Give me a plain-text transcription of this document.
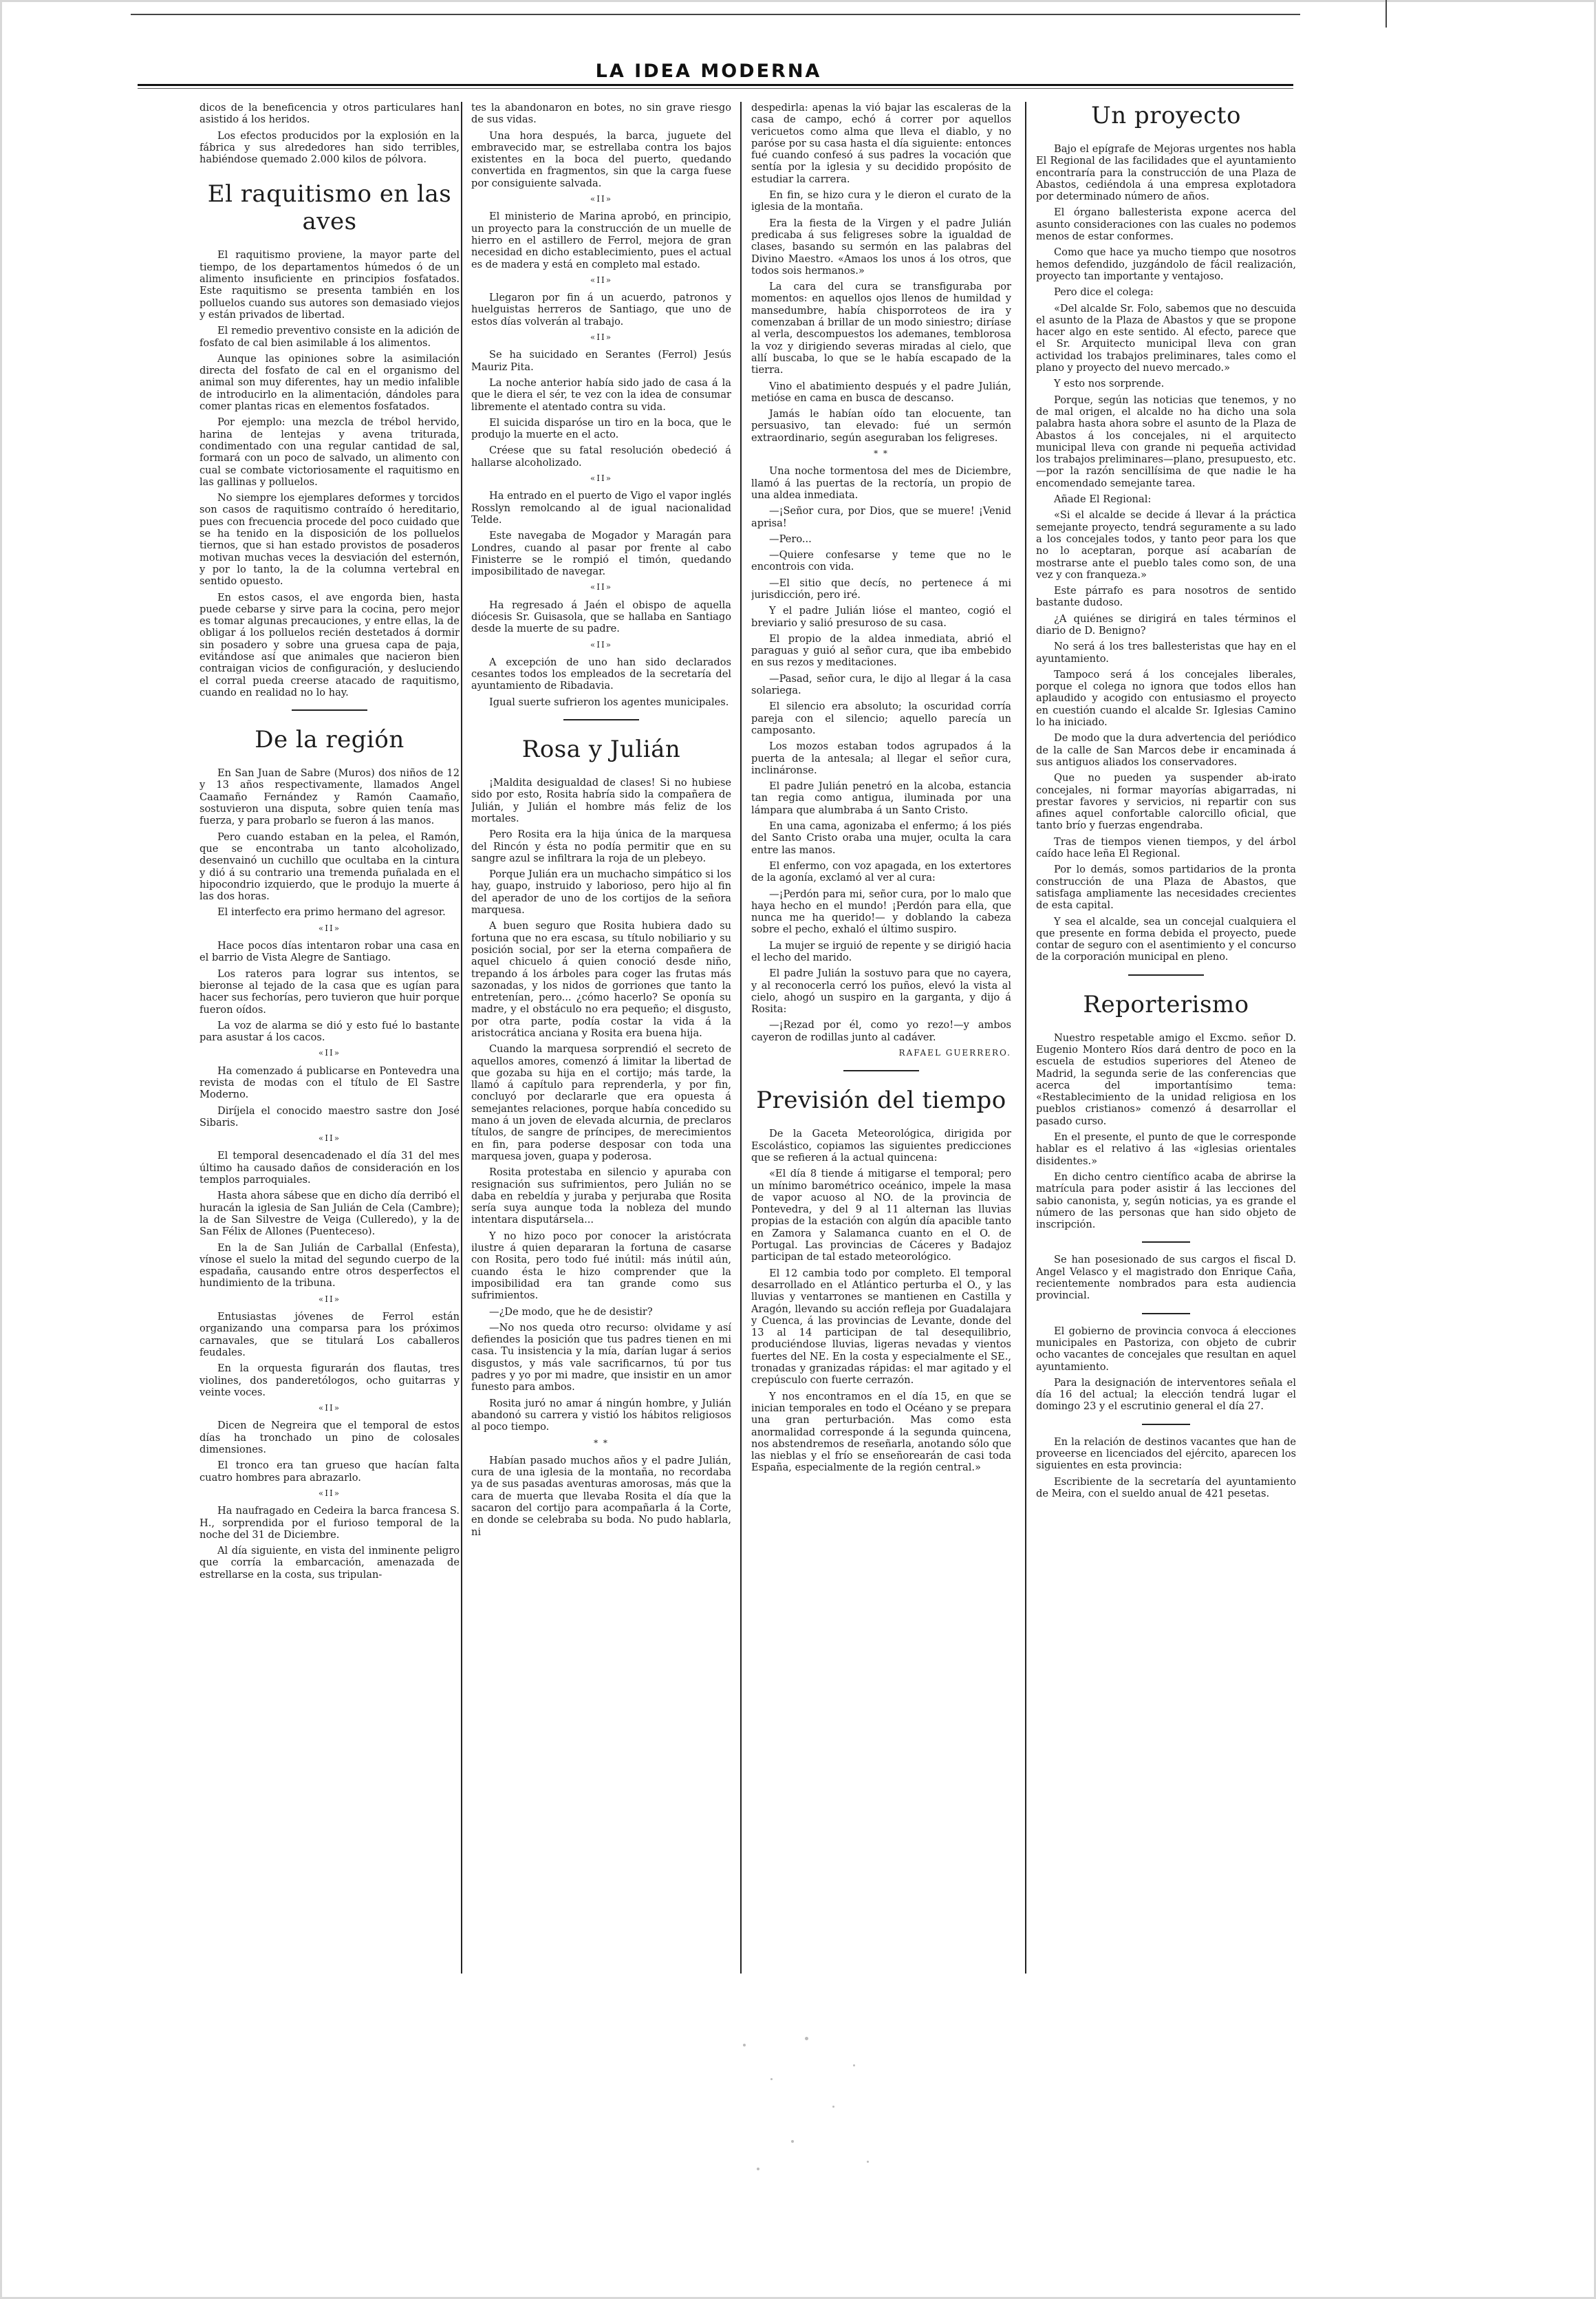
LA IDEA MODERNA

dicos de la beneficencia y otros particulares han asistido á los heridos.

Los efectos producidos por la explosión en la fábrica y sus alrededores han sido terribles, habiéndose quemado 2.000 kilos de pólvora.

El raquitismo en las aves

El raquitismo proviene, la mayor parte del tiempo, de los departamentos húmedos ó de un alimento insuficiente en principios fosfatados. Este raquitismo se presenta también en los polluelos cuando sus autores son demasiado viejos y están privados de libertad.

El remedio preventivo consiste en la adición de fosfato de cal bien asimilable á los alimentos.

Aunque las opiniones sobre la asimilación directa del fosfato de cal en el organismo del animal son muy diferentes, hay un medio infalible de introducirlo en la alimentación, dándoles para comer plantas ricas en elementos fosfatados.

Por ejemplo: una mezcla de trébol hervido, harina de lentejas y avena triturada, condimentado con una regular cantidad de sal, formará con un poco de salvado, un alimento con cual se combate victoriosamente el raquitismo en las gallinas y polluelos.

No siempre los ejemplares deformes y torcidos son casos de raquitismo contraído ó hereditario, pues con frecuencia procede del poco cuidado que se ha tenido en la disposición de los polluelos tiernos, que si han estado provistos de posaderos motivan muchas veces la desviación del esternón, y por lo tanto, la de la columna vertebral en sentido opuesto.

En estos casos, el ave engorda bien, hasta puede cebarse y sirve para la cocina, pero mejor es tomar algunas precauciones, y entre ellas, la de obligar á los polluelos recién destetados á dormir sin posadero y sobre una gruesa capa de paja, evitándose así que animales que nacieron bien contraigan vicios de configuración, y desluciendo el corral pueda creerse atacado de raquitismo, cuando en realidad no lo hay.

De la región

En San Juan de Sabre (Muros) dos niños de 12 y 13 años respectivamente, llamados Angel Caamaño Fernández y Ramón Caamaño, sostuvieron una disputa, sobre quien tenía mas fuerza, y para probarlo se fueron á las manos.

Pero cuando estaban en la pelea, el Ramón, que se encontraba un tanto alcoholizado, desenvainó un cuchillo que ocultaba en la cintura y dió á su contrario una tremenda puñalada en el hipocondrio izquierdo, que le produjo la muerte á las dos horas.

El interfecto era primo hermano del agresor.

«II»

Hace pocos días intentaron robar una casa en el barrio de Vista Alegre de Santiago.

Los rateros para lograr sus intentos, se bieronse al tejado de la casa que es ugían para hacer sus fechorías, pero tuvieron que huir porque fueron oídos.

La voz de alarma se dió y esto fué lo bastante para asustar á los cacos.

«II»

Ha comenzado á publicarse en Pontevedra una revista de modas con el título de El Sastre Moderno.

Diríjela el conocido maestro sastre don José Sibaris.

«II»

El temporal desencadenado el día 31 del mes último ha causado daños de consideración en los templos parroquiales.

Hasta ahora sábese que en dicho día derribó el huracán la iglesia de San Julián de Cela (Cambre); la de San Silvestre de Veiga (Culleredo), y la de San Félix de Allones (Puenteceso).

En la de San Julián de Carballal (Enfesta), vínose el suelo la mitad del segundo cuerpo de la espadaña, causando entre otros desperfectos el hundimiento de la tribuna.

«II»

Entusiastas jóvenes de Ferrol están organizando una comparsa para los próximos carnavales, que se titulará Los caballeros feudales.

En la orquesta figurarán dos flautas, tres violines, dos panderetólogos, ocho guitarras y veinte voces.

«II»

Dicen de Negreira que el temporal de estos días ha tronchado un pino de colosales dimensiones.

El tronco era tan grueso que hacían falta cuatro hombres para abrazarlo.

«II»

Ha naufragado en Cedeira la barca francesa S. H., sorprendida por el furioso temporal de la noche del 31 de Diciembre.

Al día siguiente, en vista del inminente peligro que corría la embarcación, amenazada de estrellarse en la costa, sus tripulan-

tes la abandonaron en botes, no sin grave riesgo de sus vidas.

Una hora después, la barca, juguete del embravecido mar, se estrellaba contra los bajos existentes en la boca del puerto, quedando convertida en fragmentos, sin que la carga fuese por consiguiente salvada.

«II»

El ministerio de Marina aprobó, en principio, un proyecto para la construcción de un muelle de hierro en el astillero de Ferrol, mejora de gran necesidad en dicho establecimiento, pues el actual es de madera y está en completo mal estado.

«II»

Llegaron por fin á un acuerdo, patronos y huelguistas herreros de Santiago, que uno de estos días volverán al trabajo.

«II»

Se ha suicidado en Serantes (Ferrol) Jesús Mauriz Pita.

La noche anterior había sido jado de casa á la que le diera el sér, te vez con la idea de consumar libremente el atentado contra su vida.

El suicida disparóse un tiro en la boca, que le produjo la muerte en el acto.

Créese que su fatal resolución obedeció á hallarse alcoholizado.

«II»

Ha entrado en el puerto de Vigo el vapor inglés Rosslyn remolcando al de igual nacionalidad Telde.

Este navegaba de Mogador y Maragán para Londres, cuando al pasar por frente al cabo Finisterre se le rompió el timón, quedando imposibilitado de navegar.

«II»

Ha regresado á Jaén el obispo de aquella diócesis Sr. Guisasola, que se hallaba en Santiago desde la muerte de su padre.

«II»

A excepción de uno han sido declarados cesantes todos los empleados de la secretaría del ayuntamiento de Ribadavia.

Igual suerte sufrieron los agentes municipales.

Rosa y Julián

¡Maldita desigualdad de clases! Si no hubiese sido por esto, Rosita habría sido la compañera de Julián, y Julián el hombre más feliz de los mortales.

Pero Rosita era la hija única de la marquesa del Rincón y ésta no podía permitir que en su sangre azul se infiltrara la roja de un plebeyo.

Porque Julián era un muchacho simpático si los hay, guapo, instruido y laborioso, pero hijo al fin del aperador de uno de los cortijos de la señora marquesa.

A buen seguro que Rosita hubiera dado su fortuna que no era escasa, su título nobiliario y su posición social, por ser la eterna compañera de aquel chicuelo á quien conoció desde niño, trepando á los árboles para coger las frutas más sazonadas, y los nidos de gorriones que tanto la entretenían, pero... ¿cómo hacerlo? Se oponía su madre, y el obstáculo no era pequeño; el disgusto, por otra parte, podía costar la vida á la aristocrática anciana y Rosita era buena hija.

Cuando la marquesa sorprendió el secreto de aquellos amores, comenzó á limitar la libertad de que gozaba su hija en el cortijo; más tarde, la llamó á capítulo para reprenderla, y por fin, concluyó por declararle que era opuesta á semejantes relaciones, porque había concedido su mano á un joven de elevada alcurnia, de preclaros títulos, de sangre de príncipes, de merecimientos en fin, para poderse desposar con toda una marquesa joven, guapa y poderosa.

Rosita protestaba en silencio y apuraba con resignación sus sufrimientos, pero Julián no se daba en rebeldía y juraba y perjuraba que Rosita sería suya aunque toda la nobleza del mundo intentara disputársela...

Y no hizo poco por conocer la aristócrata ilustre á quien depararan la fortuna de casarse con Rosita, pero todo fué inútil: más inútil aún, cuando ésta le hizo comprender que la imposibilidad era tan grande como sus sufrimientos.

—¿De modo, que he de desistir?

—No nos queda otro recurso: olvidame y así defiendes la posición que tus padres tienen en mi casa. Tu insistencia y la mía, darían lugar á serios disgustos, y más vale sacrificarnos, tú por tus padres y yo por mi madre, que insistir en un amor funesto para ambos.

Rosita juró no amar á ningún hombre, y Julián abandonó su carrera y vistió los hábitos religiosos al poco tiempo.

* *

Habían pasado muchos años y el padre Julián, cura de una iglesia de la montaña, no recordaba ya de sus pasadas aventuras amorosas, más que la cara de muerta que llevaba Rosita el día que la sacaron del cortijo para acompañarla á la Corte, en donde se celebraba su boda. No pudo hablarla, ni

despedirla: apenas la vió bajar las escaleras de la casa de campo, echó á correr por aquellos vericuetos como alma que lleva el diablo, y no paróse por su casa hasta el día siguiente: entonces fué cuando confesó á sus padres la vocación que sentía por la iglesia y su decidido propósito de estudiar la carrera.

En fin, se hizo cura y le dieron el curato de la iglesia de la montaña.

Era la fiesta de la Virgen y el padre Julián predicaba á sus feligreses sobre la igualdad de clases, basando su sermón en las palabras del Divino Maestro. «Amaos los unos á los otros, que todos sois hermanos.»

La cara del cura se transfiguraba por momentos: en aquellos ojos llenos de humildad y mansedumbre, había chisporroteos de ira y comenzaban á brillar de un modo siniestro; diríase al verla, descompuestos los ademanes, temblorosa la voz y dirigiendo severas miradas al cielo, que allí buscaba, lo que se le había escapado de la tierra.

Vino el abatimiento después y el padre Julián, metióse en cama en busca de descanso.

Jamás le habían oído tan elocuente, tan persuasivo, tan elevado: fué un sermón extraordinario, según aseguraban los feligreses.

* *

Una noche tormentosa del mes de Diciembre, llamó á las puertas de la rectoría, un propio de una aldea inmediata.

—¡Señor cura, por Dios, que se muere! ¡Venid aprisa!

—Pero...

—Quiere confesarse y teme que no le encontrois con vida.

—El sitio que decís, no pertenece á mi jurisdicción, pero iré.

Y el padre Julián lióse el manteo, cogió el breviario y salió presuroso de su casa.

El propio de la aldea inmediata, abrió el paraguas y guió al señor cura, que iba embebido en sus rezos y meditaciones.

—Pasad, señor cura, le dijo al llegar á la casa solariega.

El silencio era absoluto; la oscuridad corría pareja con el silencio; aquello parecía un camposanto.

Los mozos estaban todos agrupados á la puerta de la antesala; al llegar el señor cura, inclináronse.

El padre Julián penetró en la alcoba, estancia tan regia como antigua, iluminada por una lámpara que alumbraba á un Santo Cristo.

En una cama, agonizaba el enfermo; á los piés del Santo Cristo oraba una mujer, oculta la cara entre las manos.

El enfermo, con voz apagada, en los extertores de la agonía, exclamó al ver al cura:

—¡Perdón para mi, señor cura, por lo malo que haya hecho en el mundo! ¡Perdón para ella, que nunca me ha querido!— y doblando la cabeza sobre el pecho, exhaló el último suspiro.

La mujer se irguió de repente y se dirigió hacia el lecho del marido.

El padre Julián la sostuvo para que no cayera, y al reconocerla cerró los puños, elevó la vista al cielo, ahogó un suspiro en la garganta, y dijo á Rosita:

—¡Rezad por él, como yo rezo!—y ambos cayeron de rodillas junto al cadáver.

RAFAEL GUERRERO.
Previsión del tiempo

De la Gaceta Meteorológica, dirigida por Escolástico, copiamos las siguientes predicciones que se refieren á la actual quincena:

«El día 8 tiende á mitigarse el temporal; pero un mínimo barométrico oceánico, impele la masa de vapor acuoso al NO. de la provincia de Pontevedra, y del 9 al 11 alternan las lluvias propias de la estación con algún día apacible tanto en Zamora y Salamanca cuanto en el O. de Portugal. Las provincias de Cáceres y Badajoz participan de tal estado meteorológico.

El 12 cambia todo por completo. El temporal desarrollado en el Atlántico perturba el O., y las lluvias y ventarrones se mantienen en Castilla y Aragón, llevando su acción refleja por Guadalajara y Cuenca, á las provincias de Levante, donde del 13 al 14 participan de tal desequilibrio, produciéndose lluvias, ligeras nevadas y vientos fuertes del NE. En la costa y especialmente el SE., tronadas y granizadas rápidas: el mar agitado y el crepúsculo con fuerte cerrazón.

Y nos encontramos en el día 15, en que se inician temporales en todo el Océano y se prepara una gran perturbación. Mas como esta anormalidad corresponde á la segunda quincena, nos abstendremos de reseñarla, anotando sólo que las nieblas y el frío se enseñorearán de casi toda España, especialmente de la región central.»

Un proyecto

Bajo el epígrafe de Mejoras urgentes nos habla El Regional de las facilidades que el ayuntamiento encontraría para la construcción de una Plaza de Abastos, cediéndola á una empresa explotadora por determinado número de años.

El órgano ballesterista expone acerca del asunto consideraciones con las cuales no podemos menos de estar conformes.

Como que hace ya mucho tiempo que nosotros hemos defendido, juzgándolo de fácil realización, proyecto tan importante y ventajoso.

Pero dice el colega:

«Del alcalde Sr. Folo, sabemos que no descuida el asunto de la Plaza de Abastos y que se propone hacer algo en este sentido. Al efecto, parece que el Sr. Arquitecto municipal lleva con gran actividad los trabajos preliminares, tales como el plano y proyecto del nuevo mercado.»

Y esto nos sorprende.

Porque, según las noticias que tenemos, y no de mal origen, el alcalde no ha dicho una sola palabra hasta ahora sobre el asunto de la Plaza de Abastos á los concejales, ni el arquitecto municipal lleva con grande ni pequeña actividad los trabajos preliminares—plano, presupuesto, etc.—por la razón sencillísima de que nadie le ha encomendado semejante tarea.

Añade El Regional:

«Si el alcalde se decide á llevar á la práctica semejante proyecto, tendrá seguramente a su lado a los concejales todos, y tanto peor para los que no lo aceptaran, porque así acabarían de mostrarse ante el pueblo tales como son, de una vez y con franqueza.»

Este párrafo es para nosotros de sentido bastante dudoso.

¿A quiénes se dirigirá en tales términos el diario de D. Benigno?

No será á los tres ballesteristas que hay en el ayuntamiento.

Tampoco será á los concejales liberales, porque el colega no ignora que todos ellos han aplaudido y acogido con entusiasmo el proyecto en cuestión cuando el alcalde Sr. Iglesias Camino lo ha iniciado.

De modo que la dura advertencia del periódico de la calle de San Marcos debe ir encaminada á sus antiguos aliados los conservadores.

Que no pueden ya suspender ab-irato concejales, ni formar mayorías abigarradas, ni prestar favores y servicios, ni repartir con sus afines aquel confortable calorcillo oficial, que tanto brío y fuerzas engendraba.

Tras de tiempos vienen tiempos, y del árbol caído hace leña El Regional.

Por lo demás, somos partidarios de la pronta construcción de una Plaza de Abastos, que satisfaga ampliamente las necesidades crecientes de esta capital.

Y sea el alcalde, sea un concejal cualquiera el que presente en forma debida el proyecto, puede contar de seguro con el asentimiento y el concurso de la corporación municipal en pleno.

Reporterismo

Nuestro respetable amigo el Excmo. señor D. Eugenio Montero Ríos dará dentro de poco en la escuela de estudios superiores del Ateneo de Madrid, la segunda serie de las conferencias que acerca del importantísimo tema: «Restablecimiento de la unidad religiosa en los pueblos cristianos» comenzó á desarrollar el pasado curso.

En el presente, el punto de que le corresponde hablar es el relativo á las «iglesias orientales disidentes.»

En dicho centro científico acaba de abrirse la matrícula para poder asistir á las lecciones del sabio canonista, y, según noticias, ya es grande el número de las personas que han sido objeto de inscripción.

Se han posesionado de sus cargos el fiscal D. Angel Velasco y el magistrado don Enrique Caña, recientemente nombrados para esta audiencia provincial.

El gobierno de provincia convoca á elecciones municipales en Pastoriza, con objeto de cubrir ocho vacantes de concejales que resultan en aquel ayuntamiento.

Para la designación de interventores señala el día 16 del actual; la elección tendrá lugar el domingo 23 y el escrutinio general el día 27.

En la relación de destinos vacantes que han de proveerse en licenciados del ejército, aparecen los siguientes en esta provincia:

Escribiente de la secretaría del ayuntamiento de Meira, con el sueldo anual de 421 pesetas.
